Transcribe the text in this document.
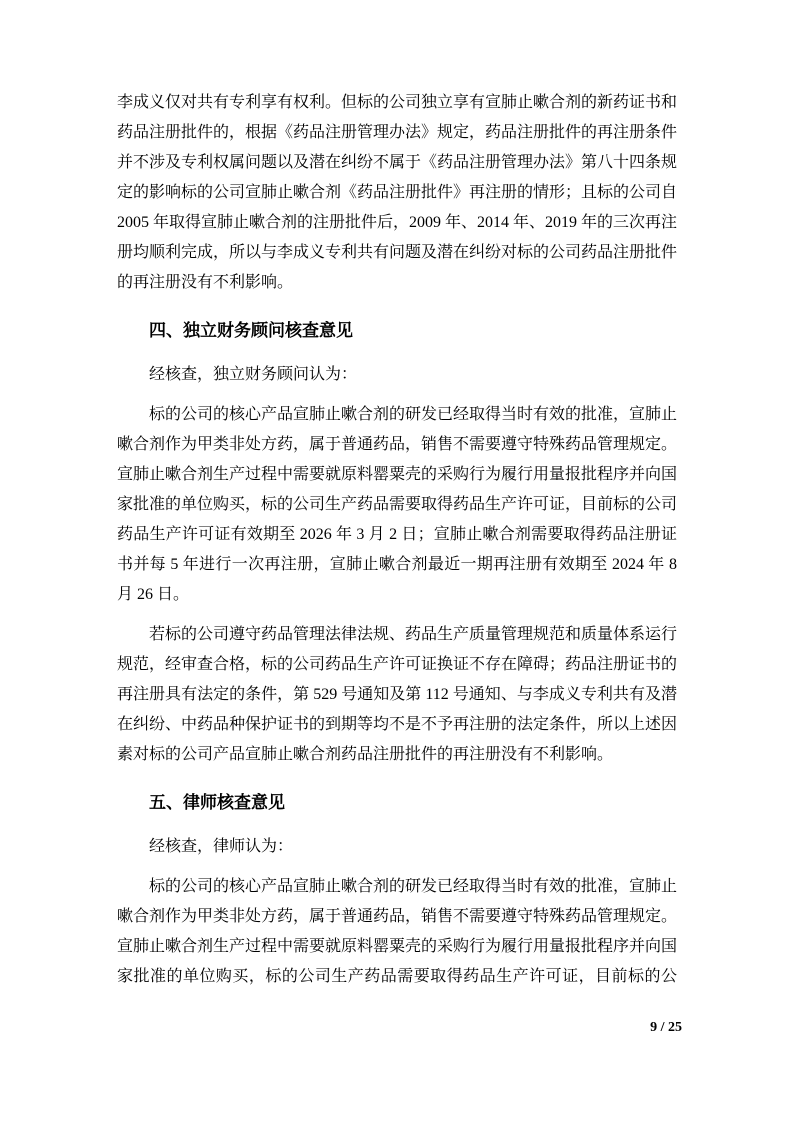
李成义仅对共有专利享有权利。但标的公司独立享有宣肺止嗽合剂的新药证书和药品注册批件的，根据《药品注册管理办法》规定，药品注册批件的再注册条件并不涉及专利权属问题以及潜在纠纷不属于《药品注册管理办法》第八十四条规定的影响标的公司宣肺止嗽合剂《药品注册批件》再注册的情形；且标的公司自 2005 年取得宣肺止嗽合剂的注册批件后，2009 年、2014 年、2019 年的三次再注册均顺利完成，所以与李成义专利共有问题及潜在纠纷对标的公司药品注册批件的再注册没有不利影响。

四、独立财务顾问核查意见

经核查，独立财务顾问认为：

标的公司的核心产品宣肺止嗽合剂的研发已经取得当时有效的批准，宣肺止嗽合剂作为甲类非处方药，属于普通药品，销售不需要遵守特殊药品管理规定。宣肺止嗽合剂生产过程中需要就原料罂粟壳的采购行为履行用量报批程序并向国家批准的单位购买，标的公司生产药品需要取得药品生产许可证，目前标的公司药品生产许可证有效期至 2026 年 3 月 2 日；宣肺止嗽合剂需要取得药品注册证书并每 5 年进行一次再注册，宣肺止嗽合剂最近一期再注册有效期至 2024 年 8 月 26 日。

若标的公司遵守药品管理法律法规、药品生产质量管理规范和质量体系运行规范，经审查合格，标的公司药品生产许可证换证不存在障碍；药品注册证书的再注册具有法定的条件，第 529 号通知及第 112 号通知、与李成义专利共有及潜在纠纷、中药品种保护证书的到期等均不是不予再注册的法定条件，所以上述因素对标的公司产品宣肺止嗽合剂药品注册批件的再注册没有不利影响。

五、律师核查意见

经核查，律师认为：

标的公司的核心产品宣肺止嗽合剂的研发已经取得当时有效的批准，宣肺止嗽合剂作为甲类非处方药，属于普通药品，销售不需要遵守特殊药品管理规定。宣肺止嗽合剂生产过程中需要就原料罂粟壳的采购行为履行用量报批程序并向国家批准的单位购买，标的公司生产药品需要取得药品生产许可证，目前标的公

9 / 25
